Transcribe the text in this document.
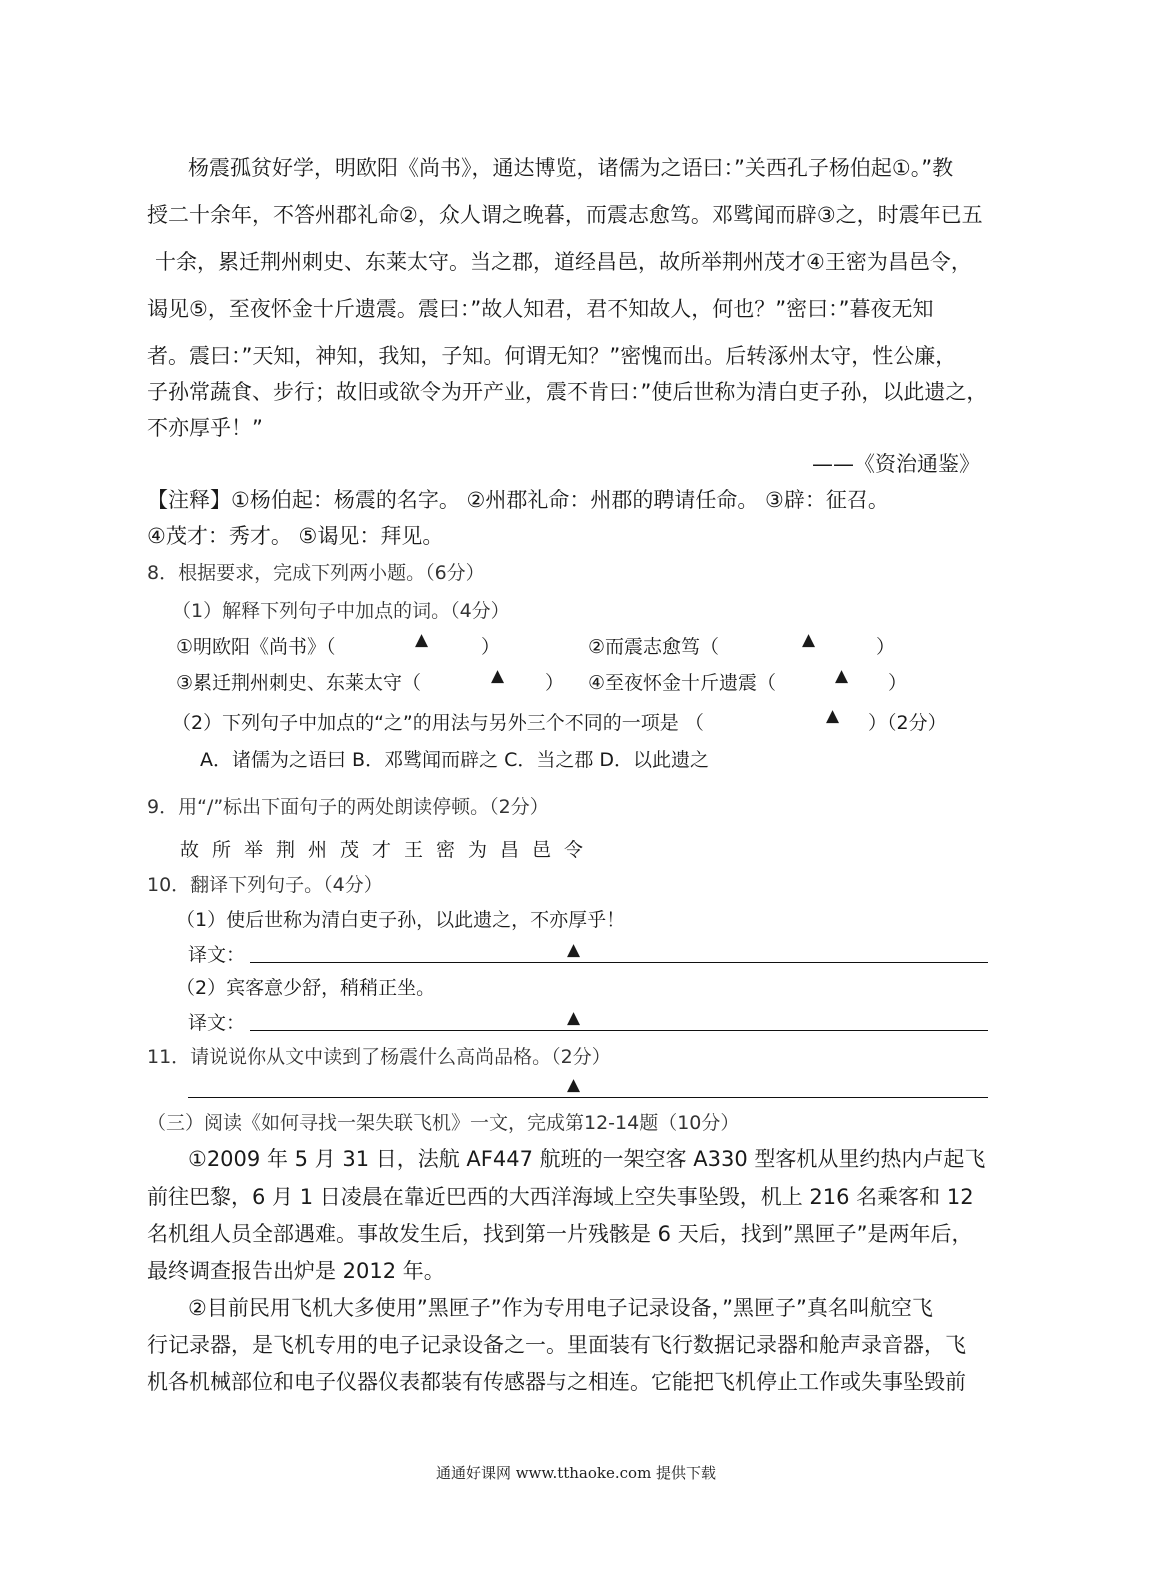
杨震孤贫好学，明欧阳《尚书》，通达博览，诸儒为之语曰：”关西孔子杨伯起①。”教
授二十余年，不答州郡礼命②，众人谓之晚暮，而震志愈笃。邓骘闻而辟③之，时震年已五
十余，累迁荆州刺史、东莱太守。当之郡，道经昌邑，故所举荆州茂才④王密为昌邑令，
谒见⑤，至夜怀金十斤遗震。震曰：”故人知君，君不知故人，何也？”密曰：”暮夜无知
者。震曰：”天知，神知，我知，子知。何谓无知？”密愧而出。后转涿州太守，性公廉，
子孙常蔬食、步行；故旧或欲令为开产业，震不肯曰：”使后世称为清白吏子孙，以此遗之，
不亦厚乎！”
——《资治通鉴》
【注释】①杨伯起：杨震的名字。 ②州郡礼命：州郡的聘请任命。 ③辟：征召。
④茂才：秀才。 ⑤谒见：拜见。
8．根据要求，完成下列两小题。（6分）
（1）解释下列句子中加点的词。（4分）
①明欧阳《尚书》（	▲	）	②而震志愈笃（	▲	）
③累迁荆州刺史、东莱太守（	▲ ） ④至夜怀金十斤遗震（	▲ ）
（2）下列句子中加点的“之”的用法与另外三个不同的一项是 （	▲ ）（2分）
A．诸儒为之语曰 B．邓骘闻而辟之 C．当之郡 D．以此遗之
9．用“/”标出下面句子的两处朗读停顿。（2分）
故所举荆州茂才王密为昌邑令
10．翻译下列句子。（4分）
（1）使后世称为清白吏子孙，以此遗之，不亦厚乎！
译文：	▲
（2）宾客意少舒，稍稍正坐。
译文：	▲
11．请说说你从文中读到了杨震什么高尚品格。（2分）
▲
（三）阅读《如何寻找一架失联飞机》一文，完成第12-14题（10分）
①2009 年 5 月 31 日，法航 AF447 航班的一架空客 A330 型客机从里约热内卢起飞
前往巴黎，6 月 1 日凌晨在靠近巴西的大西洋海域上空失事坠毁，机上 216 名乘客和 12
名机组人员全部遇难。事故发生后，找到第一片残骸是 6 天后，找到”黑匣子”是两年后，
最终调查报告出炉是 2012 年。
②目前民用飞机大多使用”黑匣子”作为专用电子记录设备，”黑匣子”真名叫航空飞
行记录器，是飞机专用的电子记录设备之一。里面装有飞行数据记录器和舱声录音器，飞
机各机械部位和电子仪器仪表都装有传感器与之相连。它能把飞机停止工作或失事坠毁前
通通好课网 www.tthaoke.com 提供下载
